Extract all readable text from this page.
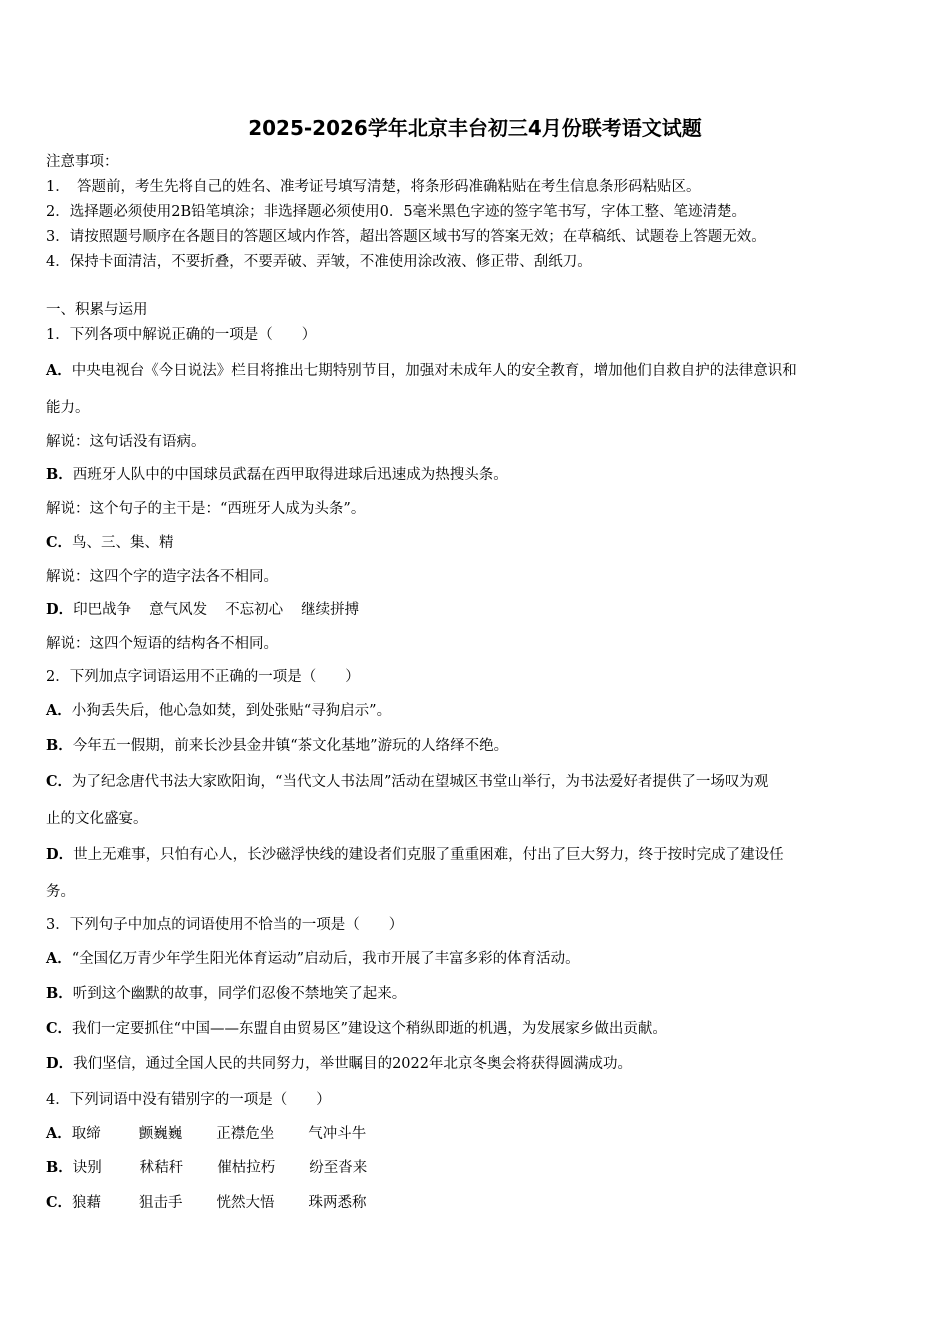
2025-2026学年北京丰台初三4月份联考语文试题
注意事项：
1．　答题前，考生先将自己的姓名、准考证号填写清楚，将条形码准确粘贴在考生信息条形码粘贴区。
2．选择题必须使用2B铅笔填涂；非选择题必须使用0．5毫米黑色字迹的签字笔书写，字体工整、笔迹清楚。
3．请按照题号顺序在各题目的答题区域内作答，超出答题区域书写的答案无效；在草稿纸、试题卷上答题无效。
4．保持卡面清洁，不要折叠，不要弄破、弄皱，不准使用涂改液、修正带、刮纸刀。
一、积累与运用
1．下列各项中解说正确的一项是（　　）
A．中央电视台《今日说法》栏目将推出七期特别节目，加强对未成年人的安全教育，增加他们自救自护的法律意识和
能力。
解说：这句话没有语病。
B．西班牙人队中的中国球员武磊在西甲取得进球后迅速成为热搜头条。
解说：这个句子的主干是：“西班牙人成为头条”。
C．鸟、三、集、精
解说：这四个字的造字法各不相同。
D．印巴战争 意气风发 不忘初心 继续拼搏
解说：这四个短语的结构各不相同。
2．下列加点字词语运用不正确的一项是（　　）
A．小狗丢失后，他心急如焚，到处张贴“寻狗启示”。
B．今年五一假期，前来长沙县金井镇“茶文化基地”游玩的人络绎不绝。
C．为了纪念唐代书法大家欧阳询，“当代文人书法周”活动在望城区书堂山举行，为书法爱好者提供了一场叹为观
止的文化盛宴。
D．世上无难事，只怕有心人，长沙磁浮快线的建设者们克服了重重困难，付出了巨大努力，终于按时完成了建设任
务。
3．下列句子中加点的词语使用不恰当的一项是（　　）
A．“全国亿万青少年学生阳光体育运动”启动后，我市开展了丰富多彩的体育活动。
B．听到这个幽默的故事，同学们忍俊不禁地笑了起来。
C．我们一定要抓住“中国——东盟自由贸易区”建设这个稍纵即逝的机遇，为发展家乡做出贡献。
D．我们坚信，通过全国人民的共同努力，举世瞩目的2022年北京冬奥会将获得圆满成功。
4．下列词语中没有错别字的一项是（　　）
A．取缔	颤巍巍 正襟危坐 气冲斗牛
B．诀别	秫秸秆 催枯拉朽 纷至沓来
C．狼藉	狙击手 恍然大悟 珠两悉称
